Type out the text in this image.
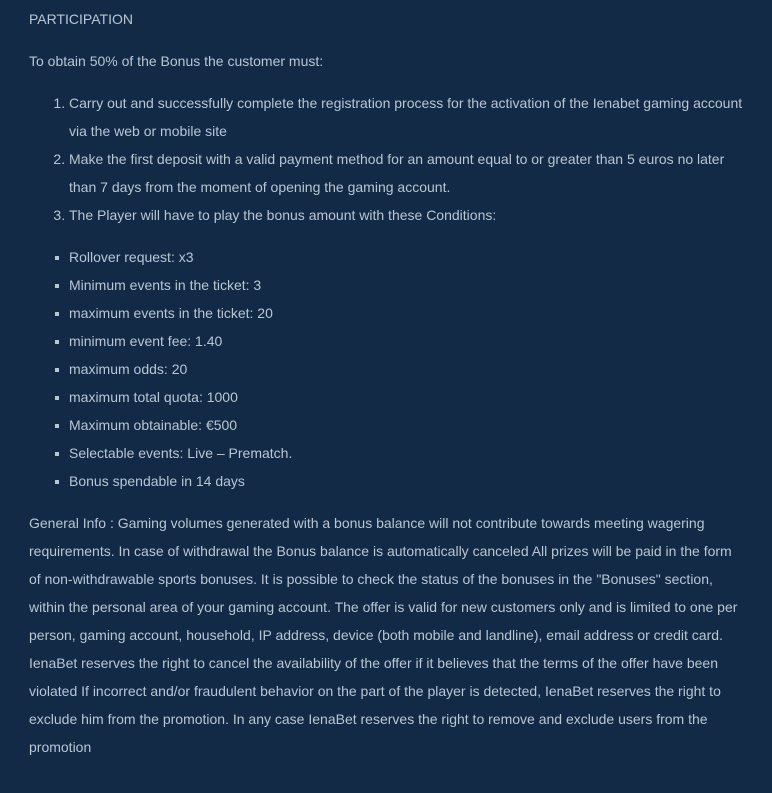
PARTICIPATION

To obtain 50% of the Bonus the customer must:

1. Carry out and successfully complete the registration process for the activation of the Ienabet gaming account via the web or mobile site
2. Make the first deposit with a valid payment method for an amount equal to or greater than 5 euros no later than 7 days from the moment of opening the gaming account.
3. The Player will have to play the bonus amount with these Conditions:
Rollover request: x3
Minimum events in the ticket: 3
maximum events in the ticket: 20
minimum event fee: 1.40
maximum odds: 20
maximum total quota: 1000
Maximum obtainable: €500
Selectable events: Live – Prematch.
Bonus spendable in 14 days

General Info : Gaming volumes generated with a bonus balance will not contribute towards meeting wagering requirements. In case of withdrawal the Bonus balance is automatically canceled All prizes will be paid in the form of non-withdrawable sports bonuses. It is possible to check the status of the bonuses in the "Bonuses" section, within the personal area of your gaming account. The offer is valid for new customers only and is limited to one per person, gaming account, household, IP address, device (both mobile and landline), email address or credit card. IenaBet reserves the right to cancel the availability of the offer if it believes that the terms of the offer have been violated If incorrect and/or fraudulent behavior on the part of the player is detected, IenaBet reserves the right to exclude him from the promotion. In any case IenaBet reserves the right to remove and exclude users from the promotion
